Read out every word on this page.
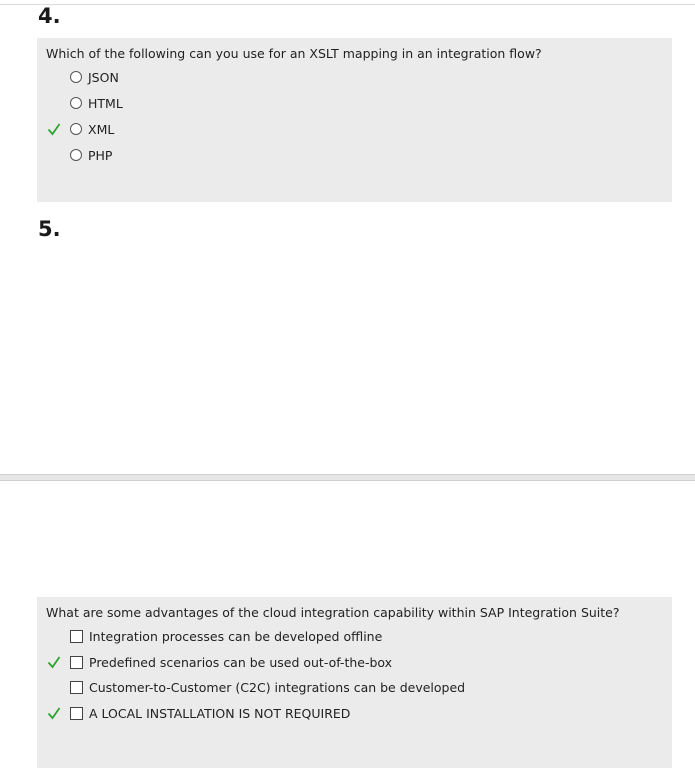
4.
Which of the following can you use for an XSLT mapping in an integration flow?
JSON
HTML
XML
PHP
5.
What are some advantages of the cloud integration capability within SAP Integration Suite?
Integration processes can be developed offline
Predefined scenarios can be used out-of-the-box
Customer-to-Customer (C2C) integrations can be developed
A LOCAL INSTALLATION IS NOT REQUIRED
